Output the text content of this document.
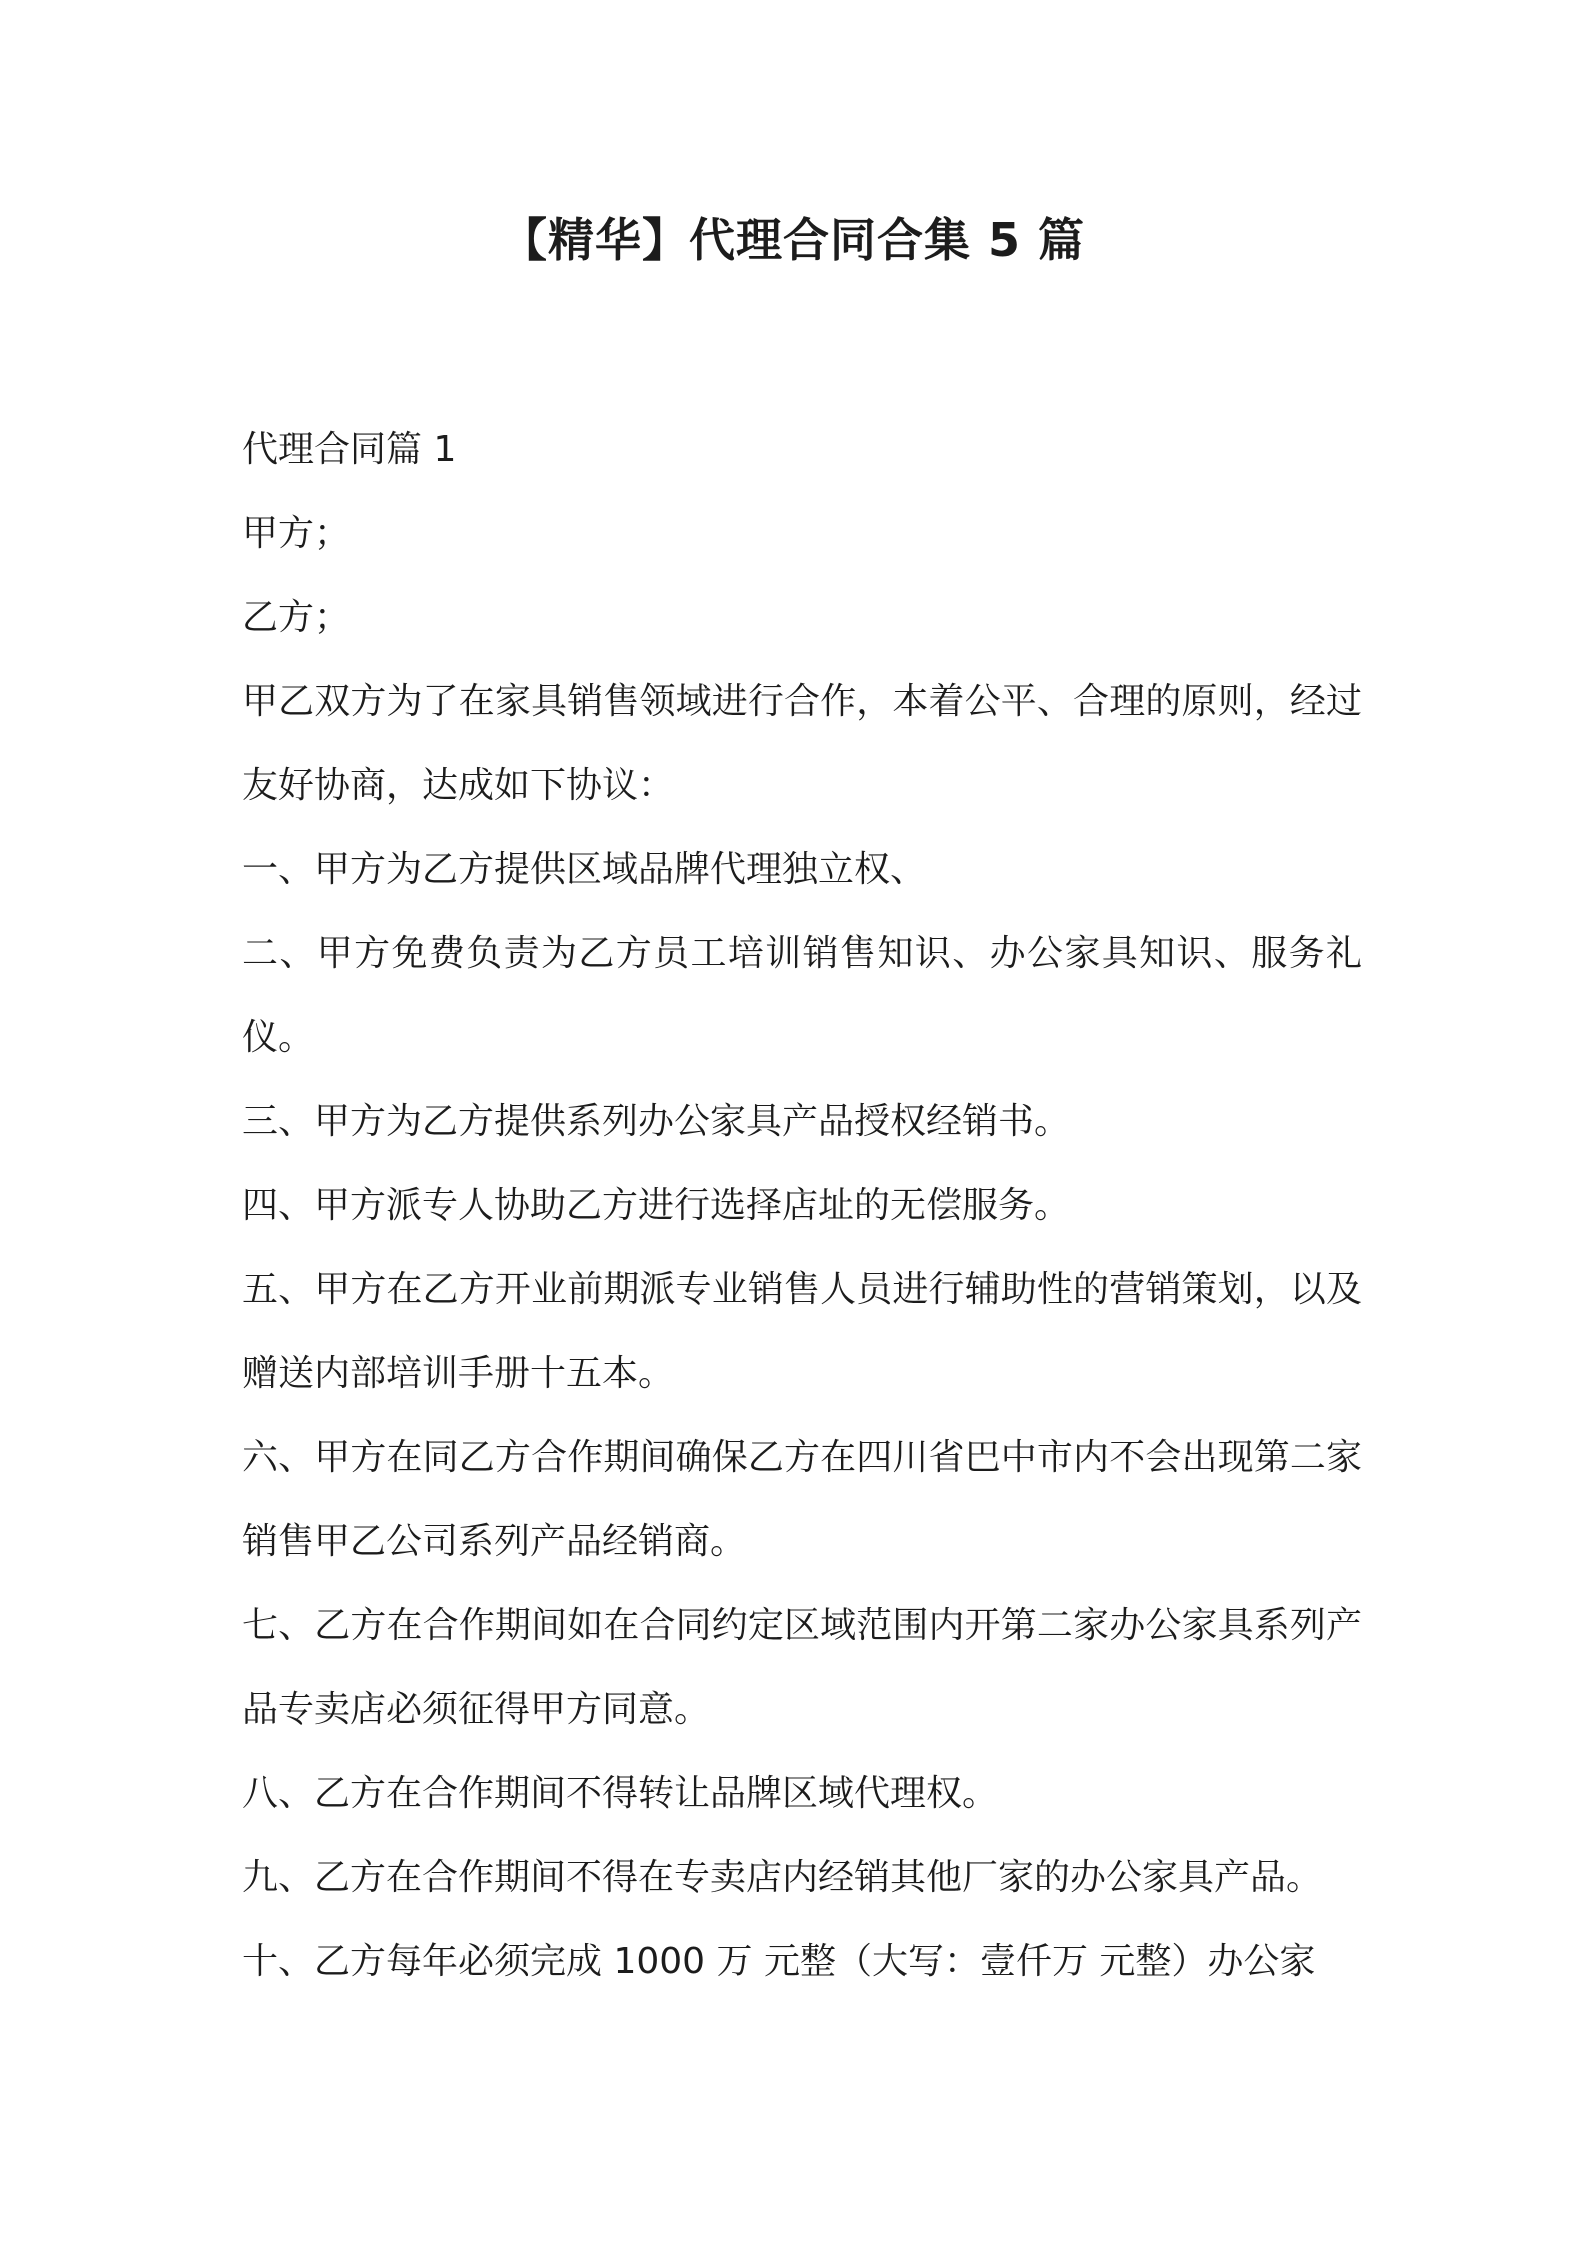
【精华】代理合同合集 5 篇

代理合同篇 1

甲方；

乙方；

甲乙双方为了在家具销售领域进行合作，本着公平、合理的原则，经过友好协商，达成如下协议：

一、甲方为乙方提供区域品牌代理独立权、

二、甲方免费负责为乙方员工培训销售知识、办公家具知识、服务礼仪。

三、甲方为乙方提供系列办公家具产品授权经销书。

四、甲方派专人协助乙方进行选择店址的无偿服务。

五、甲方在乙方开业前期派专业销售人员进行辅助性的营销策划，以及赠送内部培训手册十五本。

六、甲方在同乙方合作期间确保乙方在四川省巴中市内不会出现第二家销售甲乙公司系列产品经销商。

七、乙方在合作期间如在合同约定区域范围内开第二家办公家具系列产品专卖店必须征得甲方同意。

八、乙方在合作期间不得转让品牌区域代理权。

九、乙方在合作期间不得在专卖店内经销其他厂家的办公家具产品。

十、乙方每年必须完成 1000 万 元整（大写：壹仟万 元整）办公家
